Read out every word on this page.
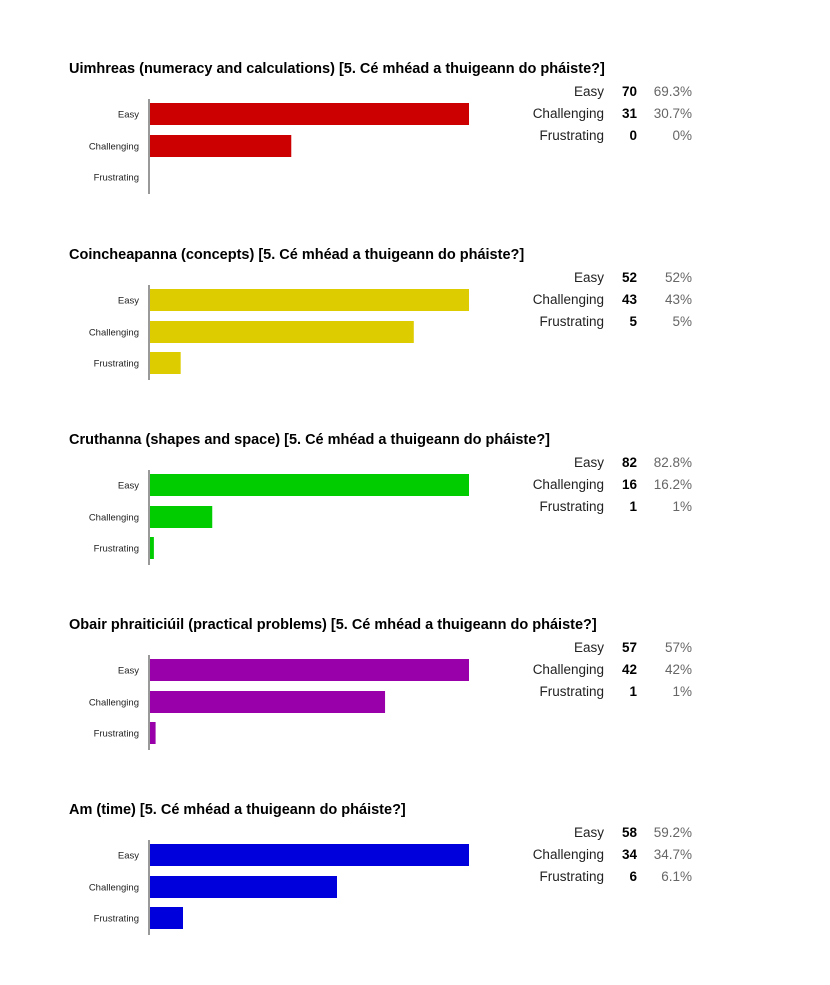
Uimhreas (numeracy and calculations) [5. Cé mhéad a thuigeann do pháiste?]
Easy
Challenging
Frustrating
Easy	70	69.3%
Challenging	31	30.7%
Frustrating	0	0%
Coincheapanna (concepts) [5. Cé mhéad a thuigeann do pháiste?]
Easy
Challenging
Frustrating
Easy	52	52%
Challenging	43	43%
Frustrating	5	5%
Cruthanna (shapes and space) [5. Cé mhéad a thuigeann do pháiste?]
Easy
Challenging
Frustrating
Easy	82	82.8%
Challenging	16	16.2%
Frustrating	1	1%
Obair phraiticiúil (practical problems) [5. Cé mhéad a thuigeann do pháiste?]
Easy
Challenging
Frustrating
Easy	57	57%
Challenging	42	42%
Frustrating	1	1%
Am (time) [5. Cé mhéad a thuigeann do pháiste?]
Easy
Challenging
Frustrating
Easy	58	59.2%
Challenging	34	34.7%
Frustrating	6	6.1%
